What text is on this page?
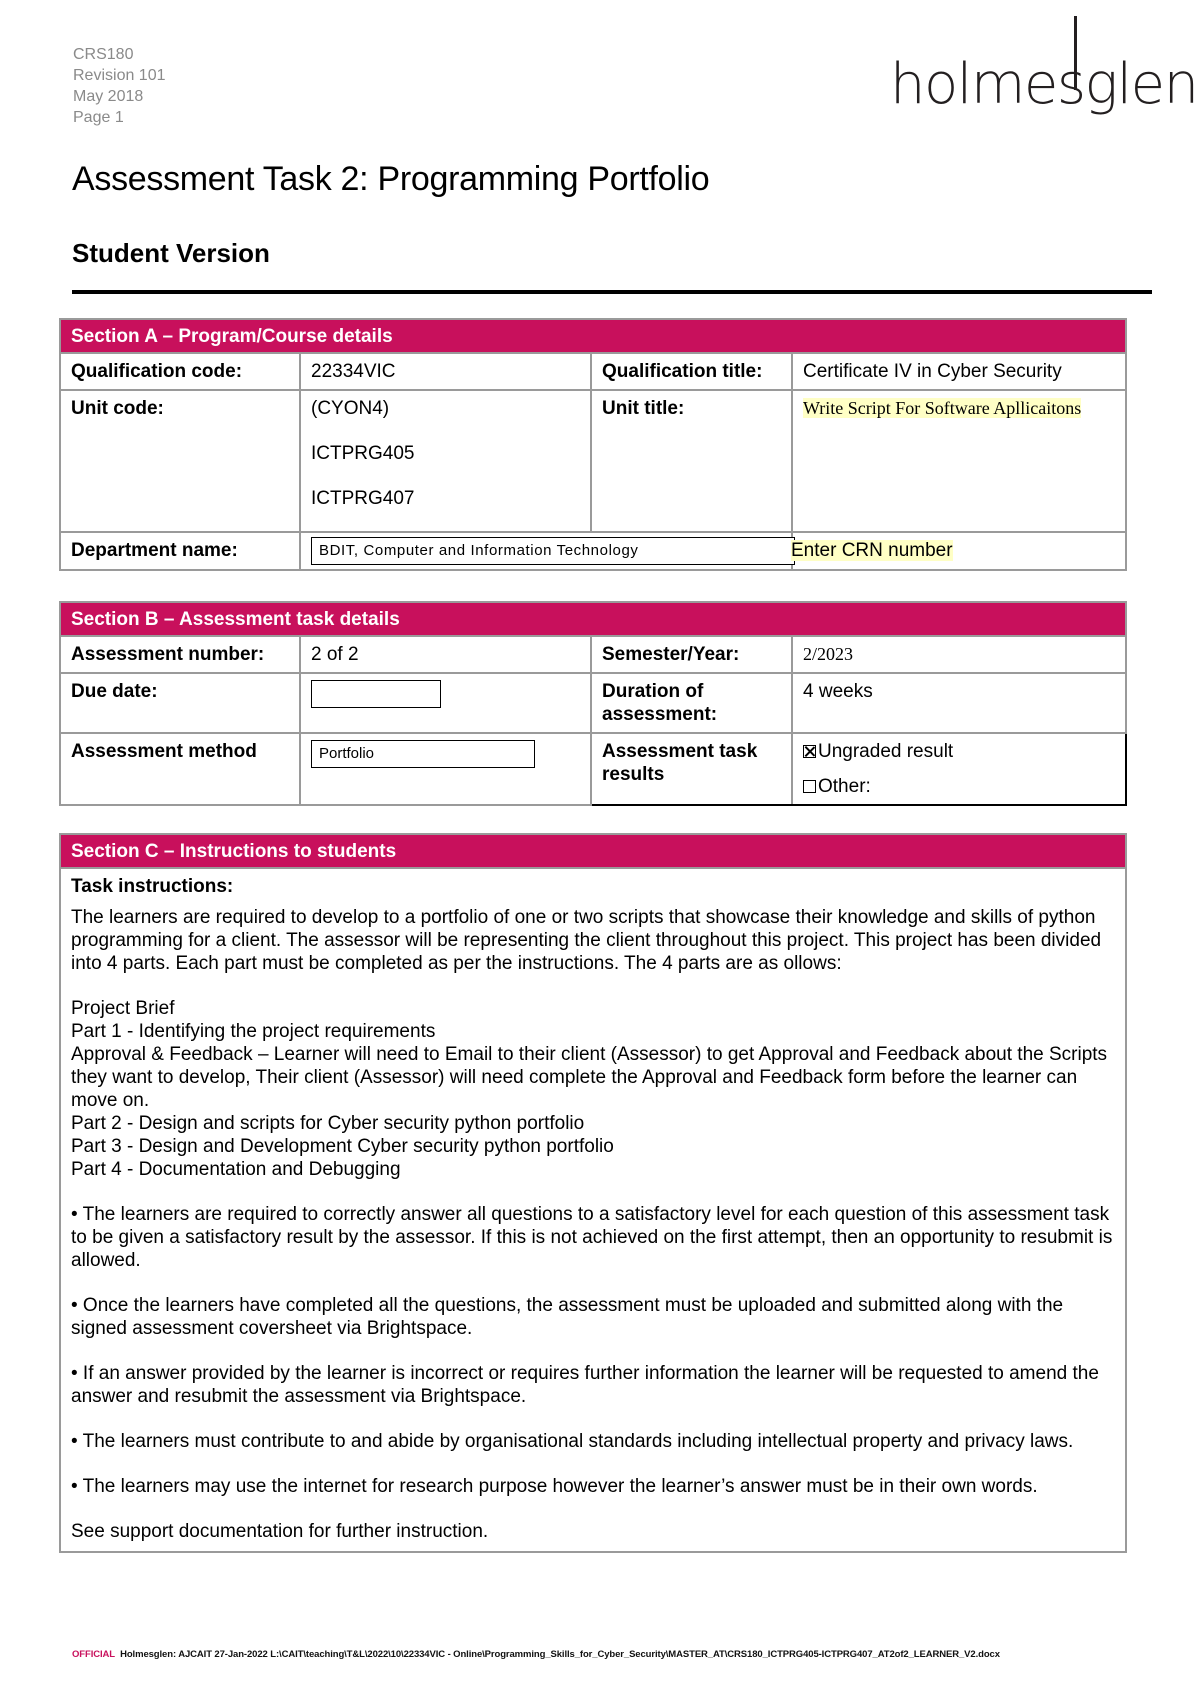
CRS180
Revision 101
May 2018
Page 1
holmesglen
Assessment Task 2: Programming Portfolio
Student Version
Section A – Program/Course details			
Qualification code:	22334VIC	Qualification title:	Certificate IV in Cyber Security
Unit code:	(CYON4)
ICTPRG405
ICTPRG407	Unit title:	Write Script For Software Apllicaitons
Department name:	BDIT, Computer and Information Technology		Enter CRN number
Section B – Assessment task details			
Assessment number:	2 of 2	Semester/Year:	2/2023
Due date:		Duration of assessment:	4 weeks
Assessment method	Portfolio	Assessment task results	Ungraded result
Other:
Section C – Instructions to students

Task instructions:

The learners are required to develop to a portfolio of one or two scripts that showcase their knowledge and skills of python programming for a client. The assessor will be representing the client throughout this project. This project has been divided into 4 parts. Each part must be completed as per the instructions. The 4 parts are as ollows:

Project Brief

Part 1 - Identifying the project requirements

Approval & Feedback – Learner will need to Email to their client (Assessor) to get Approval and Feedback about the Scripts they want to develop, Their client (Assessor) will need complete the Approval and Feedback form before the learner can move on.

Part 2 - Design and scripts for Cyber security python portfolio

Part 3 - Design and Development Cyber security python portfolio

Part 4 - Documentation and Debugging

• The learners are required to correctly answer all questions to a satisfactory level for each question of this assessment task to be given a satisfactory result by the assessor. If this is not achieved on the first attempt, then an opportunity to resubmit is allowed.

• Once the learners have completed all the questions, the assessment must be uploaded and submitted along with the signed assessment coversheet via Brightspace.

• If an answer provided by the learner is incorrect or requires further information the learner will be requested to amend the answer and resubmit the assessment via Brightspace.

• The learners must contribute to and abide by organisational standards including intellectual property and privacy laws.

• The learners may use the internet for research purpose however the learner’s answer must be in their own words.

See support documentation for further instruction.

OFFICIAL Holmesglen: AJCAIT 27-Jan-2022 L:\CAIT\teaching\T&L\2022\10\22334VIC - Online\Programming_Skills_for_Cyber_Security\MASTER_AT\CRS180_ICTPRG405-ICTPRG407_AT2of2_LEARNER_V2.docx
